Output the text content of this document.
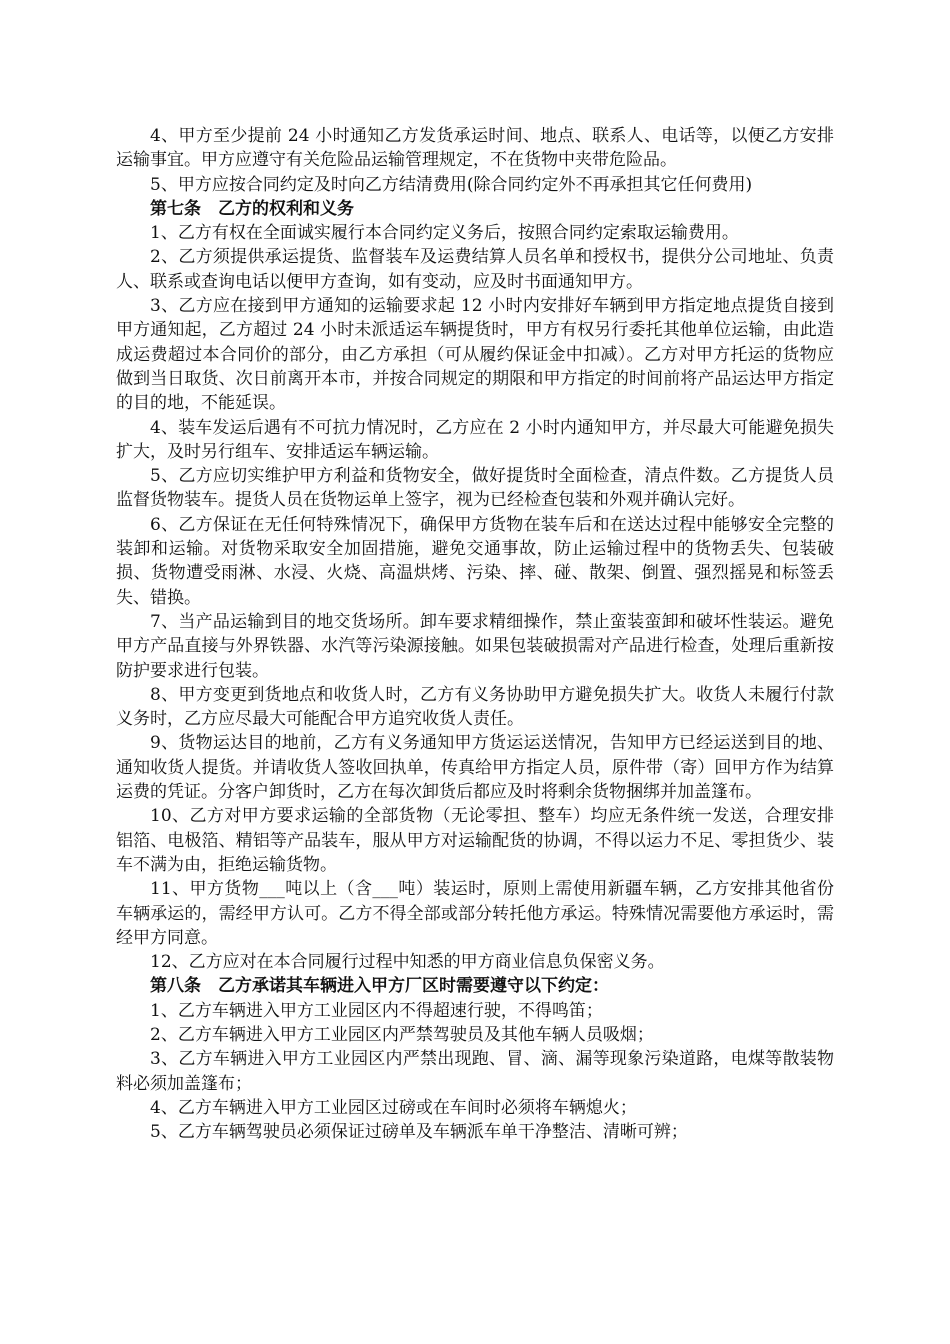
4、甲方至少提前 24 小时通知乙方发货承运时间、地点、联系人、电话等，以便乙方安排运输事宜。甲方应遵守有关危险品运输管理规定，不在货物中夹带危险品。

5、甲方应按合同约定及时向乙方结清费用(除合同约定外不再承担其它任何费用)

第七条　乙方的权利和义务

1、乙方有权在全面诚实履行本合同约定义务后，按照合同约定索取运输费用。

2、乙方须提供承运提货、监督装车及运费结算人员名单和授权书，提供分公司地址、负责人、联系或查询电话以便甲方查询，如有变动，应及时书面通知甲方。

3、乙方应在接到甲方通知的运输要求起 12 小时内安排好车辆到甲方指定地点提货自接到甲方通知起，乙方超过 24 小时未派适运车辆提货时，甲方有权另行委托其他单位运输，由此造成运费超过本合同价的部分，由乙方承担（可从履约保证金中扣减）。乙方对甲方托运的货物应做到当日取货、次日前离开本市，并按合同规定的期限和甲方指定的时间前将产品运达甲方指定的目的地，不能延误。

4、装车发运后遇有不可抗力情况时，乙方应在 2 小时内通知甲方，并尽最大可能避免损失扩大，及时另行组车、安排适运车辆运输。

5、乙方应切实维护甲方利益和货物安全，做好提货时全面检查，清点件数。乙方提货人员监督货物装车。提货人员在货物运单上签字，视为已经检查包装和外观并确认完好。

6、乙方保证在无任何特殊情况下，确保甲方货物在装车后和在送达过程中能够安全完整的装卸和运输。对货物采取安全加固措施，避免交通事故，防止运输过程中的货物丢失、包装破损、货物遭受雨淋、水浸、火烧、高温烘烤、污染、摔、碰、散架、倒置、强烈摇晃和标签丢失、错换。

7、当产品运输到目的地交货场所。卸车要求精细操作，禁止蛮装蛮卸和破坏性装运。避免甲方产品直接与外界铁器、水汽等污染源接触。如果包装破损需对产品进行检查，处理后重新按防护要求进行包装。

8、甲方变更到货地点和收货人时，乙方有义务协助甲方避免损失扩大。收货人未履行付款义务时，乙方应尽最大可能配合甲方追究收货人责任。

9、货物运达目的地前，乙方有义务通知甲方货运运送情况，告知甲方已经运送到目的地、通知收货人提货。并请收货人签收回执单，传真给甲方指定人员，原件带（寄）回甲方作为结算运费的凭证。分客户卸货时，乙方在每次卸货后都应及时将剩余货物捆绑并加盖篷布。

10、乙方对甲方要求运输的全部货物（无论零担、整车）均应无条件统一发送，合理安排铝箔、电极箔、精铝等产品装车，服从甲方对运输配货的协调，不得以运力不足、零担货少、装车不满为由，拒绝运输货物。

11、甲方货物___吨以上（含___吨）装运时，原则上需使用新疆车辆，乙方安排其他省份车辆承运的，需经甲方认可。乙方不得全部或部分转托他方承运。特殊情况需要他方承运时，需经甲方同意。

12、乙方应对在本合同履行过程中知悉的甲方商业信息负保密义务。

第八条　乙方承诺其车辆进入甲方厂区时需要遵守以下约定：

1、乙方车辆进入甲方工业园区内不得超速行驶，不得鸣笛；

2、乙方车辆进入甲方工业园区内严禁驾驶员及其他车辆人员吸烟；

3、乙方车辆进入甲方工业园区内严禁出现跑、冒、滴、漏等现象污染道路，电煤等散装物料必须加盖篷布；

4、乙方车辆进入甲方工业园区过磅或在车间时必须将车辆熄火；

5、乙方车辆驾驶员必须保证过磅单及车辆派车单干净整洁、清晰可辨；
